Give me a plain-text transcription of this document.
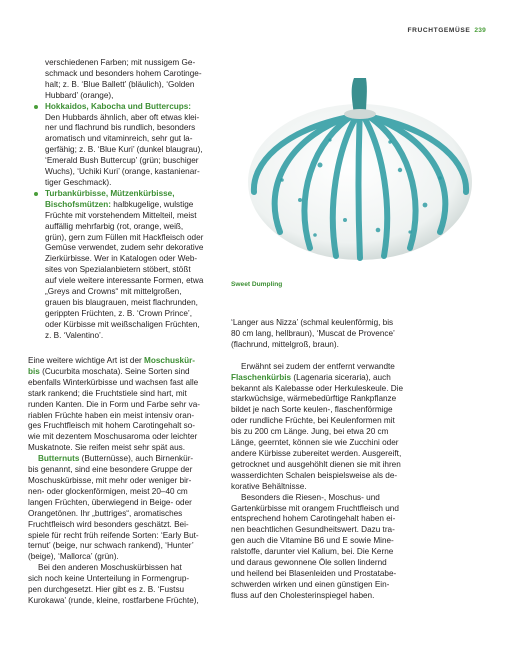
FRUCHTGEMÜSE 239
Sweet Dumpling

verschiedenen Farben; mit nussigem Ge-

schmack und besonders hohem Carotinge-

halt; z. B. ‘Blue Ballett’ (bläulich), ‘Golden

Hubbard’ (orange),

Hokkaidos, Kabocha und Buttercups:

Den Hubbards ähnlich, aber oft etwas klei-

ner und flachrund bis rundlich, besonders

aromatisch und vitaminreich, sehr gut la-

gerfähig; z. B. ‘Blue Kuri’ (dunkel blaugrau),

‘Emerald Bush Buttercup’ (grün; buschiger

Wuchs), ‘Uchiki Kuri’ (orange, kastanienar-

tiger Geschmack).

Turbankürbisse, Mützenkürbisse,

Bischofsmützen: halbkugelige, wulstige

Früchte mit vorstehendem Mittelteil, meist

auffällig mehrfarbig (rot, orange, weiß,

grün), gern zum Füllen mit Hackfleisch oder

Gemüse verwendet, zudem sehr dekorative

Zierkürbisse. Wer in Katalogen oder Web-

sites von Spezialanbietern stöbert, stößt

auf viele weitere interessante Formen, etwa

„Greys and Crowns“ mit mittelgroßen,

grauen bis blaugrauen, meist flachrunden,

gerippten Früchten, z. B. ‘Crown Prince’,

oder Kürbisse mit weißschaligen Früchten,

z. B. ‘Valentino’.

Eine weitere wichtige Art ist der Moschuskür-

bis (Cucurbita moschata). Seine Sorten sind

ebenfalls Winterkürbisse und wachsen fast alle

stark rankend; die Fruchtstiele sind hart, mit

runden Kanten. Die in Form und Farbe sehr va-

riablen Früchte haben ein meist intensiv oran-

ges Fruchtfleisch mit hohem Carotingehalt so-

wie mit dezentem Moschusaroma oder leichter

Muskatnote. Sie reifen meist sehr spät aus.

Butternuts (Butternüsse), auch Birnenkür-

bis genannt, sind eine besondere Gruppe der

Moschuskürbisse, mit mehr oder weniger bir-

nen- oder glockenförmigen, meist 20–40 cm

langen Früchten, überwiegend in Beige- oder

Orangetönen. Ihr „buttriges“, aromatisches

Fruchtfleisch wird besonders geschätzt. Bei-

spiele für recht früh reifende Sorten: ‘Early But-

ternut’ (beige, nur schwach rankend), ‘Hunter’

(beige), ‘Mallorca’ (grün).

Bei den anderen Moschuskürbissen hat

sich noch keine Unterteilung in Formengrup-

pen durchgesetzt. Hier gibt es z. B. ‘Fustsu

Kurokawa’ (runde, kleine, rostfarbene Früchte),

‘Langer aus Nizza’ (schmal keulenförmig, bis

80 cm lang, hellbraun), ‘Muscat de Provence’

(flachrund, mittelgroß, braun).

Erwähnt sei zudem der entfernt verwandte

Flaschenkürbis (Lagenaria siceraria), auch

bekannt als Kalebasse oder Herkuleskeule. Die

starkwüchsige, wärmebedürftige Rankpflanze

bildet je nach Sorte keulen-, flaschenförmige

oder rundliche Früchte, bei Keulenformen mit

bis zu 200 cm Länge. Jung, bei etwa 20 cm

Länge, geerntet, können sie wie Zucchini oder

andere Kürbisse zubereitet werden. Ausgereift,

getrocknet und ausgehöhlt dienen sie mit ihren

wasserdichten Schalen beispielsweise als de-

korative Behältnisse.

Besonders die Riesen-, Moschus- und

Gartenkürbisse mit orangem Fruchtfleisch und

entsprechend hohem Carotingehalt haben ei-

nen beachtlichen Gesundheitswert. Dazu tra-

gen auch die Vitamine B6 und E sowie Mine-

ralstoffe, darunter viel Kalium, bei. Die Kerne

und daraus gewonnene Öle sollen lindernd

und heilend bei Blasenleiden und Prostatabe-

schwerden wirken und einen günstigen Ein-

fluss auf den Cholesterinspiegel haben.
